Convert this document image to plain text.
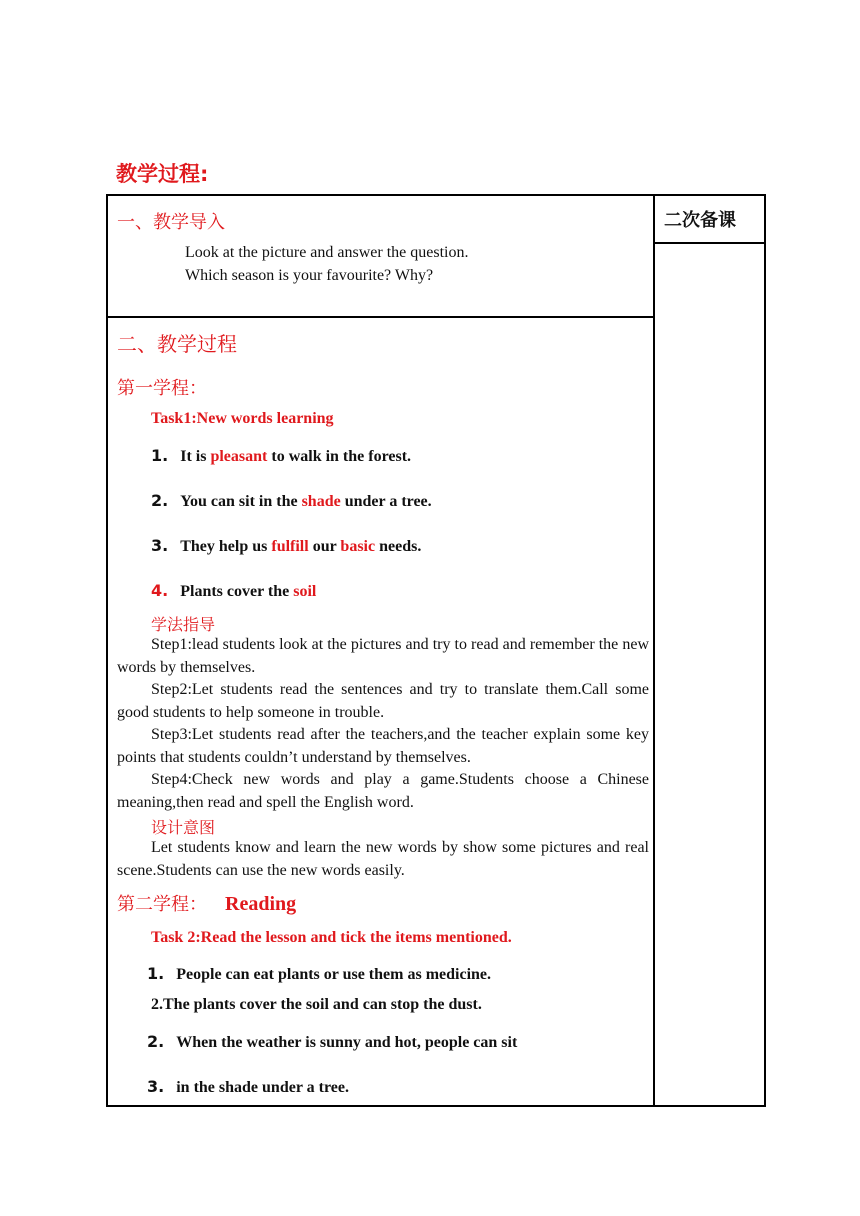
教学过程:
二次备课
一、教学导入
Look at the picture and answer the question.
Which season is your favourite? Why?
二、教学过程
第一学程：
Task1:New words learning
1. It is pleasant to walk in the forest.
2. You can sit in the shade under a tree.
3. They help us fulfill our basic needs.
4. Plants cover the soil
学法指导
Step1:lead students look at the pictures and try to read and remember the new words by themselves.
Step2:Let students read the sentences and try to translate them.Call some good students to help someone in trouble.
Step3:Let students read after the teachers,and the teacher explain some key points that students couldn’t understand by themselves.
Step4:Check new words and play a game.Students choose a Chinese meaning,then read and spell the English word.
设计意图
Let students know and learn the new words by show some pictures and real scene.Students can use the new words easily.
第二学程： Reading
Task 2:Read the lesson and tick the items mentioned.
1. People can eat plants or use them as medicine.
2.The plants cover the soil and can stop the dust.
2. When the weather is sunny and hot, people can sit
3. in the shade under a tree.
